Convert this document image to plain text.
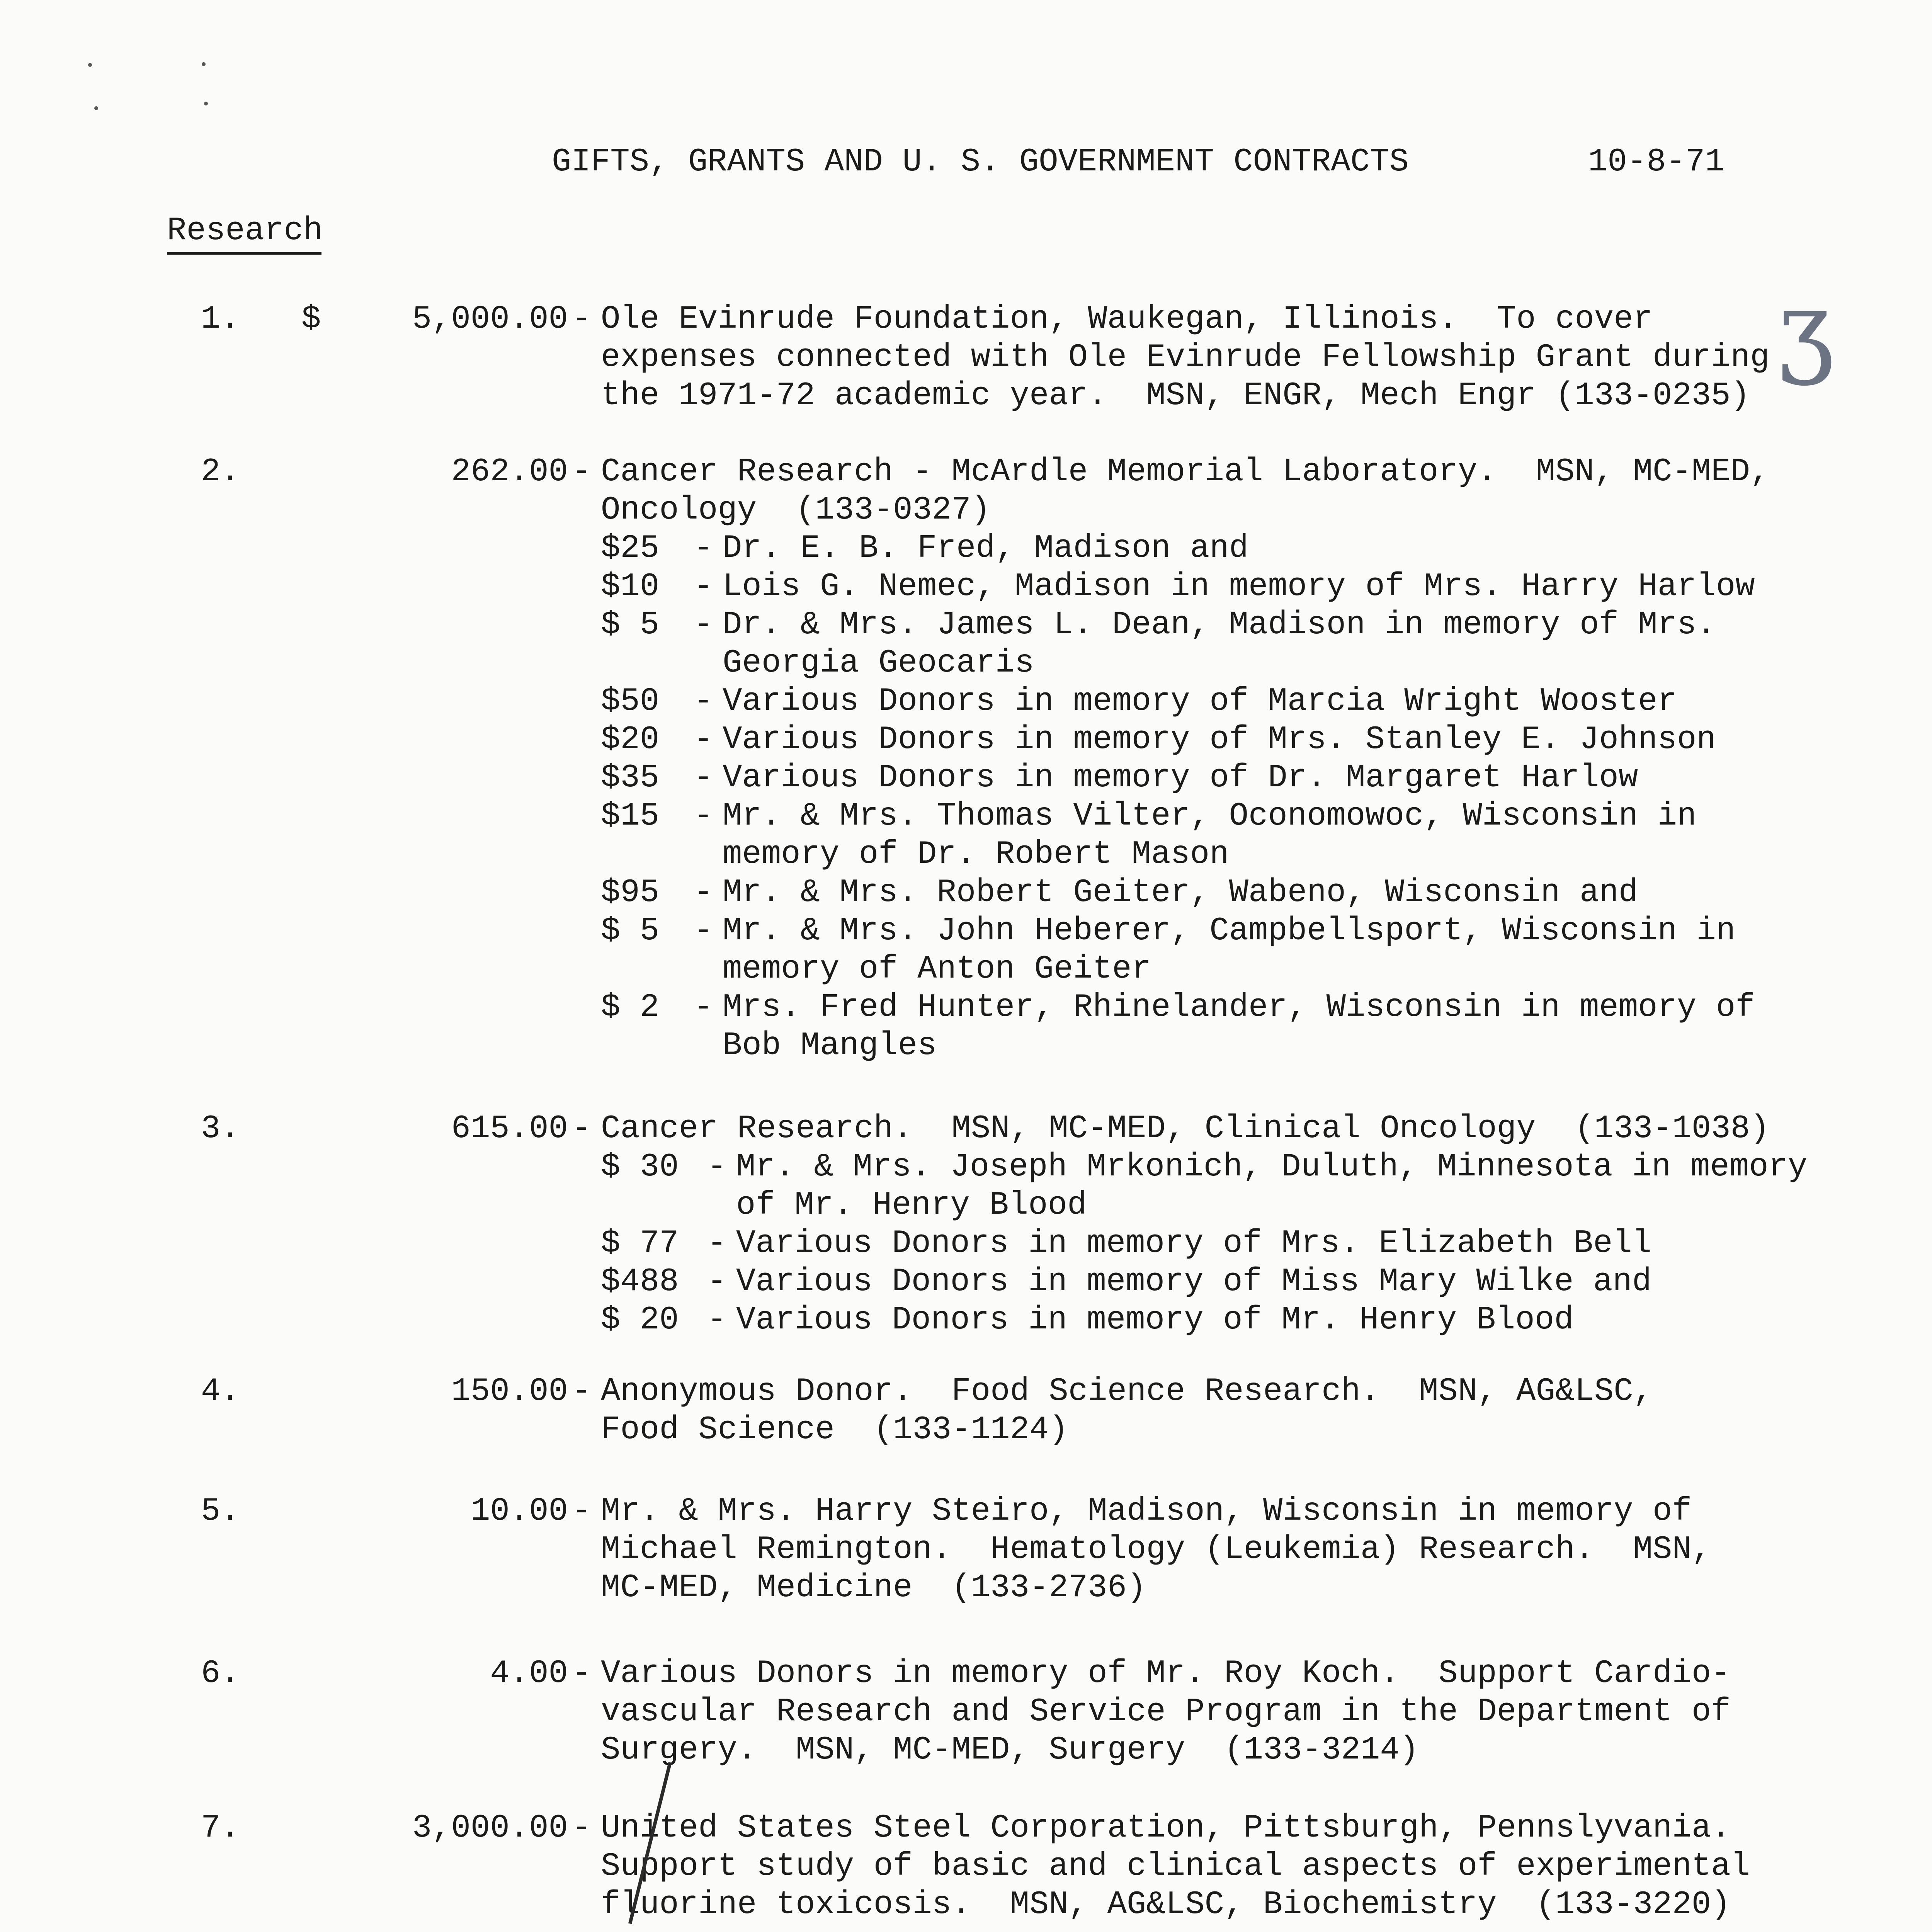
GIFTS, GRANTS AND U. S. GOVERNMENT CONTRACTS	10-8-71
Research
1.	$	5,000.00 - Ole Evinrude Foundation, Waukegan, Illinois.  To cover
expenses connected with Ole Evinrude Fellowship Grant during
the 1971-72 academic year.  MSN, ENGR, Mech Engr (133-0235)
2.	262.00 - Cancer Research - McArdle Memorial Laboratory.  MSN, MC-MED,
Oncology  (133-0327)
$25 - Dr. E. B. Fred, Madison and
$10 - Lois G. Nemec, Madison in memory of Mrs. Harry Harlow
$ 5 - Dr. & Mrs. James L. Dean, Madison in memory of Mrs.
Georgia Geocaris
$50 - Various Donors in memory of Marcia Wright Wooster
$20 - Various Donors in memory of Mrs. Stanley E. Johnson
$35 - Various Donors in memory of Dr. Margaret Harlow
$15 - Mr. & Mrs. Thomas Vilter, Oconomowoc, Wisconsin in
memory of Dr. Robert Mason
$95 - Mr. & Mrs. Robert Geiter, Wabeno, Wisconsin and
$ 5 - Mr. & Mrs. John Heberer, Campbellsport, Wisconsin in
memory of Anton Geiter
$ 2 - Mrs. Fred Hunter, Rhinelander, Wisconsin in memory of
Bob Mangles
3.	615.00 - Cancer Research.  MSN, MC-MED, Clinical Oncology  (133-1038)
$ 30 - Mr. & Mrs. Joseph Mrkonich, Duluth, Minnesota in memory
of Mr. Henry Blood
$ 77 - Various Donors in memory of Mrs. Elizabeth Bell
$488 - Various Donors in memory of Miss Mary Wilke and
$ 20 - Various Donors in memory of Mr. Henry Blood
4.	150.00 - Anonymous Donor.  Food Science Research.  MSN, AG&LSC,
Food Science  (133-1124)
5.	10.00 - Mr. & Mrs. Harry Steiro, Madison, Wisconsin in memory of
Michael Remington.  Hematology (Leukemia) Research.  MSN,
MC-MED, Medicine  (133-2736)
6.	4.00 - Various Donors in memory of Mr. Roy Koch.  Support Cardio-
vascular Research and Service Program in the Department of
Surgery.  MSN, MC-MED, Surgery  (133-3214)
7.	3,000.00 - United States Steel Corporation, Pittsburgh, Pennslyvania.
Support study of basic and clinical aspects of experimental
fluorine toxicosis.  MSN, AG&LSC, Biochemistry  (133-3220)
ʒ
